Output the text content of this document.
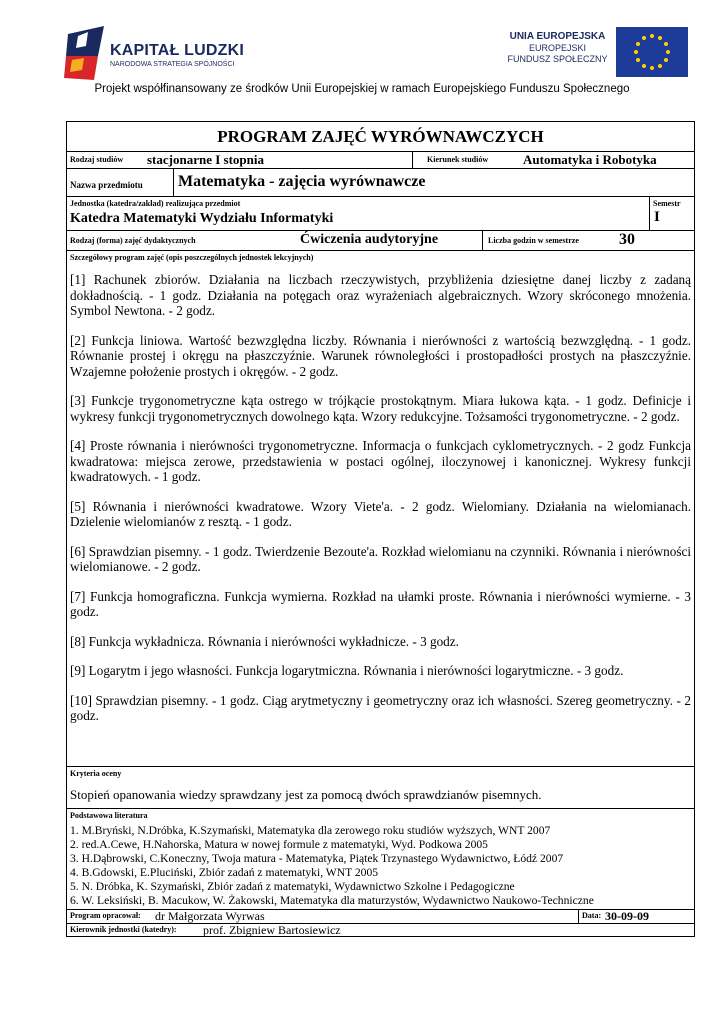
KAPITAŁ LUDZKI
NARODOWA STRATEGIA SPÓJNOŚCI
UNIA EUROPEJSKA
EUROPEJSKI
FUNDUSZ SPOŁECZNY
Projekt współfinansowany ze środków Unii Europejskiej w ramach Europejskiego Funduszu Społecznego
PROGRAM ZAJĘĆ WYRÓWNAWCZYCH
Rodzaj studiów stacjonarne I stopnia	Kierunek studiów	Automatyka i Robotyka
Nazwa przedmiotu Matematyka - zajęcia wyrównawcze
Jednostka (katedra/zakład) realizująca przedmiot
Katedra Matematyki Wydziału Informatyki
Semestr
I
Rodzaj (forma) zajęć dydaktycznych	Ćwiczenia audytoryjne	Liczba godzin w semestrze	30
Szczegółowy program zajęć (opis poszczególnych jednostek lekcyjnych)

[1] Rachunek zbiorów. Działania na liczbach rzeczywistych, przybliżenia dziesiętne danej liczby z zadaną dokładnością. - 1 godz. Działania na potęgach oraz wyrażeniach algebraicznych. Wzory skróconego mnożenia. Symbol Newtona. - 2 godz.

[2] Funkcja liniowa. Wartość bezwzględna liczby. Równania i nierówności z wartością bezwzględną. - 1 godz. Równanie prostej i okręgu na płaszczyźnie. Warunek równoległości i prostopadłości prostych na płaszczyźnie. Wzajemne położenie prostych i okręgów. - 2 godz.

[3] Funkcje trygonometryczne kąta ostrego w trójkącie prostokątnym. Miara łukowa kąta. - 1 godz. Definicje i wykresy funkcji trygonometrycznych dowolnego kąta. Wzory redukcyjne. Tożsamości trygonometryczne. - 2 godz.

[4] Proste równania i nierówności trygonometryczne. Informacja o funkcjach cyklometrycznych. - 2 godz Funkcja kwadratowa: miejsca zerowe, przedstawienia w postaci ogólnej, iloczynowej i kanonicznej. Wykresy funkcji kwadratowych. - 1 godz.

[5] Równania i nierówności kwadratowe. Wzory Viete'a. - 2 godz. Wielomiany. Działania na wielomianach. Dzielenie wielomianów z resztą. - 1 godz.

[6] Sprawdzian pisemny. - 1 godz. Twierdzenie Bezoute'a. Rozkład wielomianu na czynniki. Równania i nierówności wielomianowe. - 2 godz.

[7] Funkcja homograficzna. Funkcja wymierna. Rozkład na ułamki proste. Równania i nierówności wymierne. - 3 godz.

[8] Funkcja wykładnicza. Równania i nierówności wykładnicze. - 3 godz.

[9] Logarytm i jego własności. Funkcja logarytmiczna. Równania i nierówności logarytmiczne. - 3 godz.

[10] Sprawdzian pisemny. - 1 godz. Ciąg arytmetyczny i geometryczny oraz ich własności. Szereg geometryczny. - 2 godz.

Kryteria oceny
Stopień opanowania wiedzy sprawdzany jest za pomocą dwóch sprawdzianów pisemnych.
Podstawowa literatura
1. M.Bryński, N.Dróbka, K.Szymański, Matematyka dla zerowego roku studiów wyższych, WNT 2007
2. red.A.Cewe, H.Nahorska, Matura w nowej formule z matematyki, Wyd. Podkowa 2005
3. H.Dąbrowski, C.Koneczny, Twoja matura - Matematyka, Piątek Trzynastego Wydawnictwo, Łódź 2007
4. B.Gdowski, E.Pluciński, Zbiór zadań z matematyki, WNT 2005
5. N. Dróbka, K. Szymański, Zbiór zadań z matematyki, Wydawnictwo Szkolne i Pedagogiczne
6. W. Leksiński, B. Macukow, W. Żakowski, Matematyka dla maturzystów, Wydawnictwo Naukowo-Techniczne
Program opracował: dr Małgorzata Wyrwas	Data: 30-09-09
Kierownik jednostki (katedry): prof. Zbigniew Bartosiewicz
